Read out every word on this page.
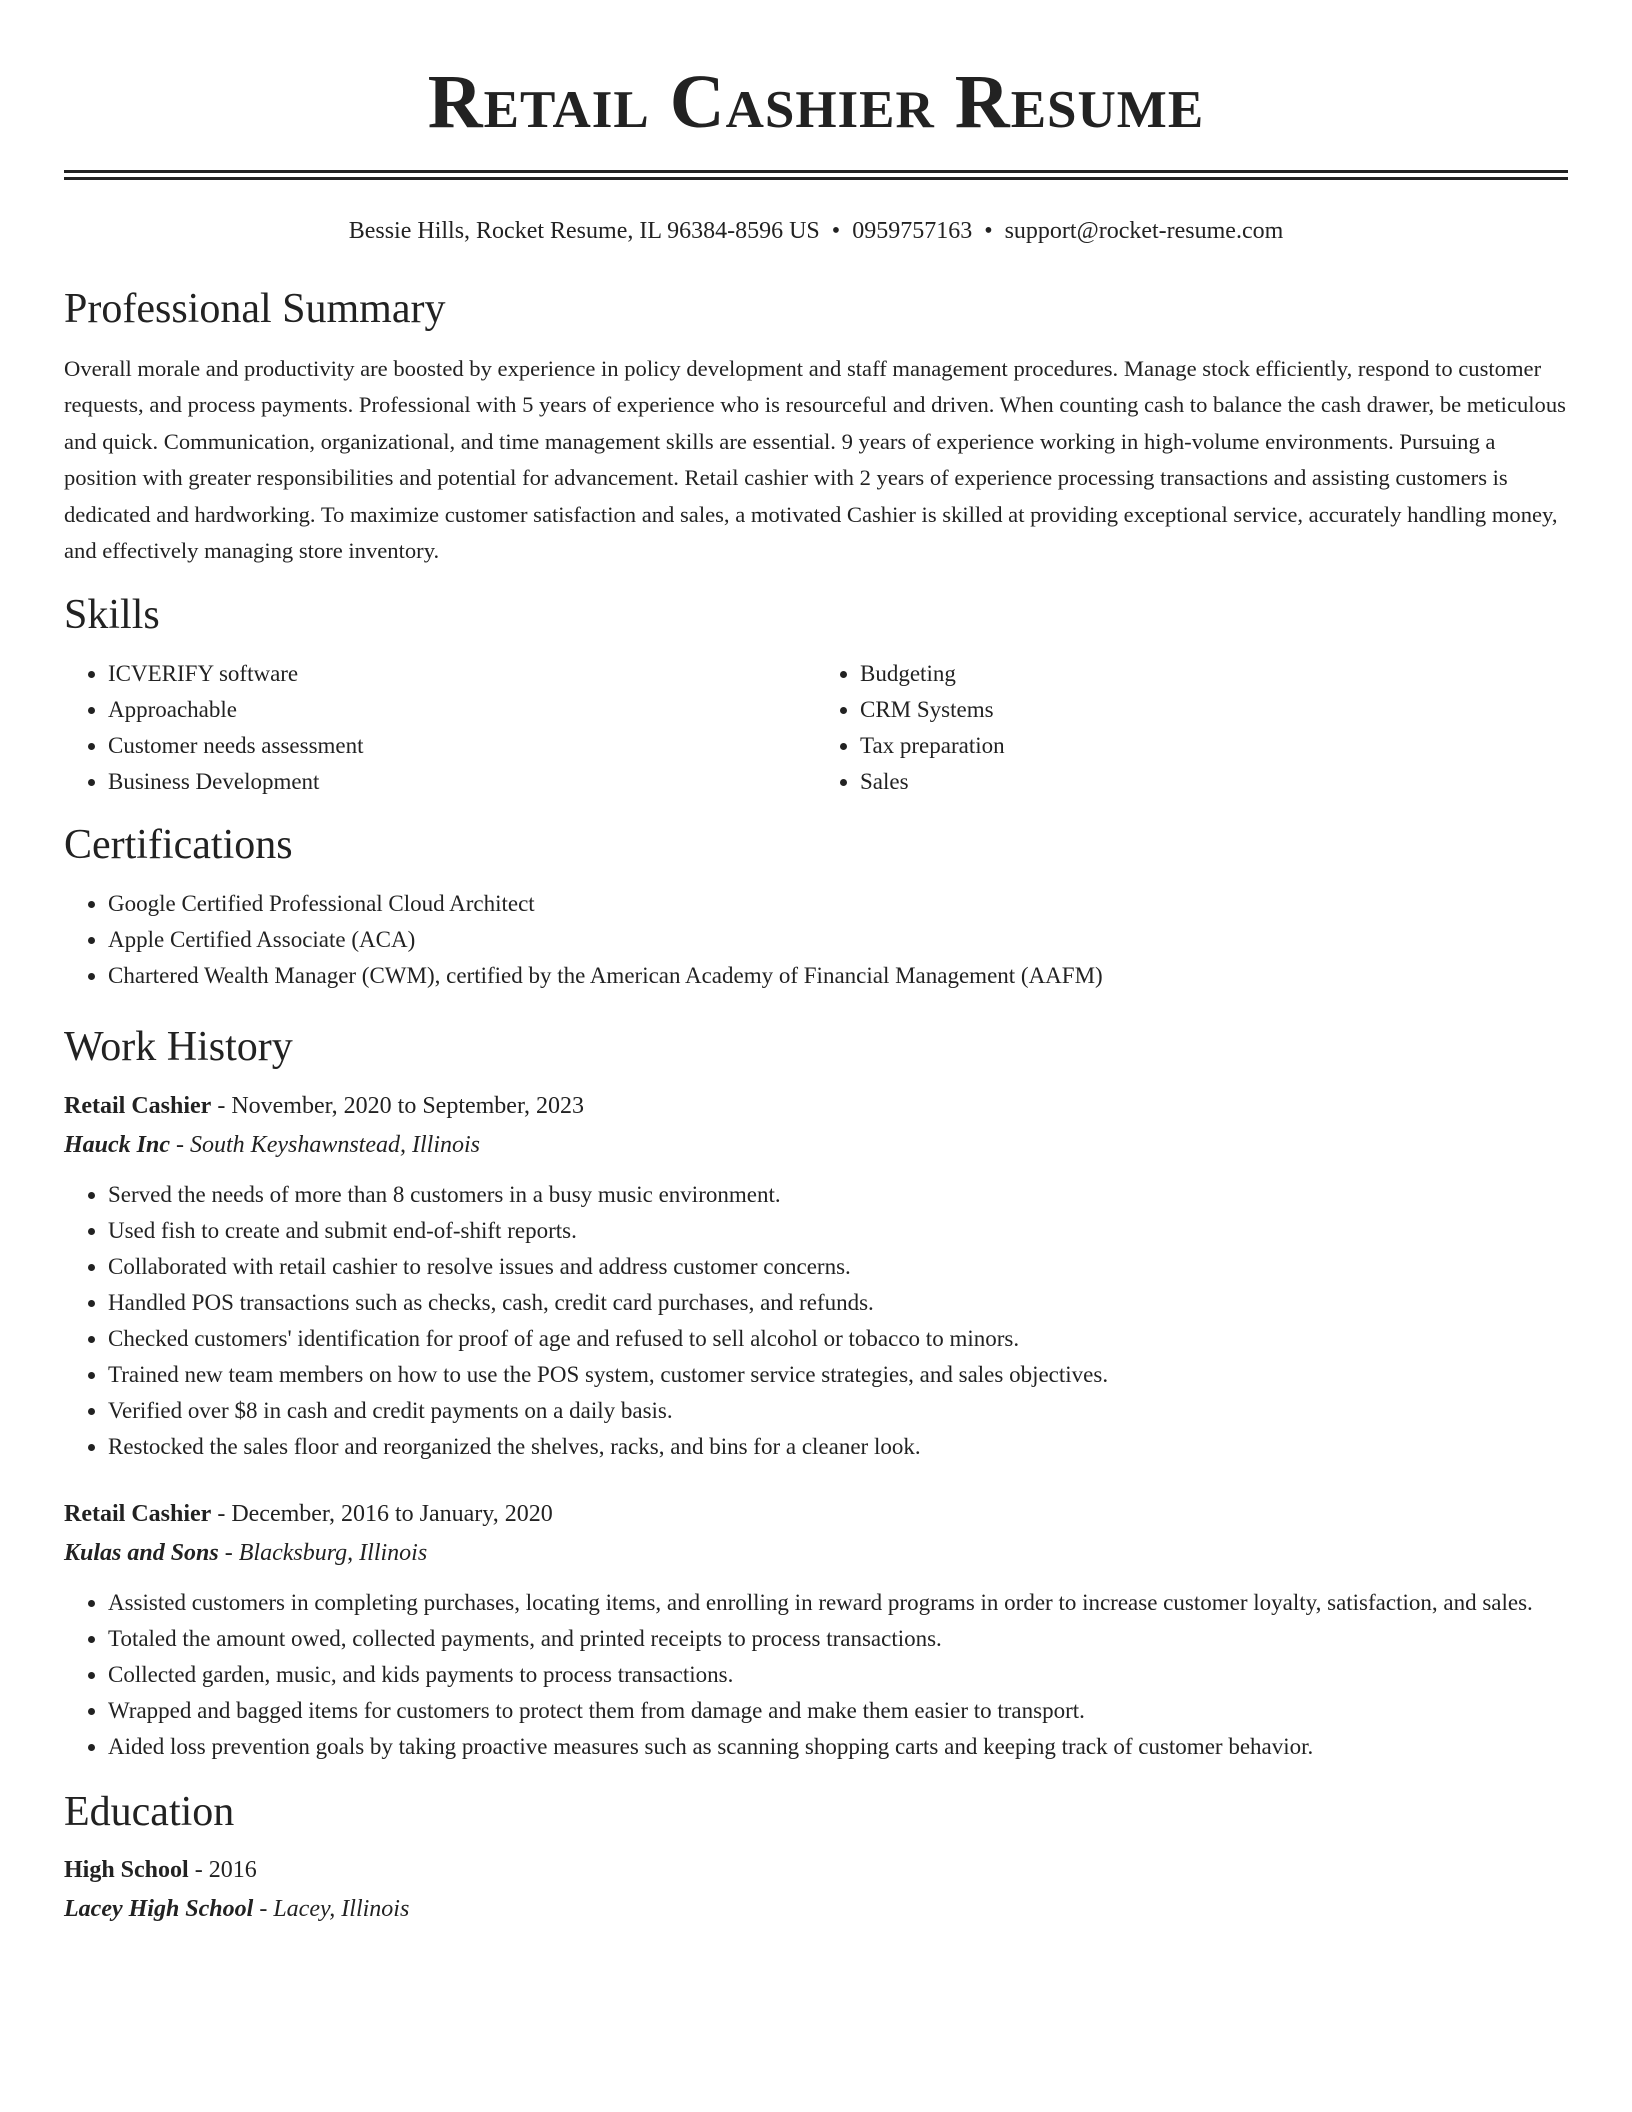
Retail Cashier Resume
Bessie Hills, Rocket Resume, IL 96384-8596 US • 0959757163 • support@rocket-resume.com
Professional Summary

Overall morale and productivity are boosted by experience in policy development and staff management procedures. Manage stock efficiently, respond to customer requests, and process payments. Professional with 5 years of experience who is resourceful and driven. When counting cash to balance the cash drawer, be meticulous and quick. Communication, organizational, and time management skills are essential. 9 years of experience working in high-volume environments. Pursuing a position with greater responsibilities and potential for advancement. Retail cashier with 2 years of experience processing transactions and assisting customers is dedicated and hardworking. To maximize customer satisfaction and sales, a motivated Cashier is skilled at providing exceptional service, accurately handling money, and effectively managing store inventory.

Skills
• ICVERIFY software
• Approachable
• Customer needs assessment
• Business Development
• Budgeting
• CRM Systems
• Tax preparation
• Sales
Certifications
• Google Certified Professional Cloud Architect
• Apple Certified Associate (ACA)
• Chartered Wealth Manager (CWM), certified by the American Academy of Financial Management (AAFM)
Work History
Retail Cashier - November, 2020 to September, 2023
Hauck Inc - South Keyshawnstead, Illinois
• Served the needs of more than 8 customers in a busy music environment.
• Used fish to create and submit end-of-shift reports.
• Collaborated with retail cashier to resolve issues and address customer concerns.
• Handled POS transactions such as checks, cash, credit card purchases, and refunds.
• Checked customers' identification for proof of age and refused to sell alcohol or tobacco to minors.
• Trained new team members on how to use the POS system, customer service strategies, and sales objectives.
• Verified over $8 in cash and credit payments on a daily basis.
• Restocked the sales floor and reorganized the shelves, racks, and bins for a cleaner look.
Retail Cashier - December, 2016 to January, 2020
Kulas and Sons - Blacksburg, Illinois
• Assisted customers in completing purchases, locating items, and enrolling in reward programs in order to increase customer loyalty, satisfaction, and sales.
• Totaled the amount owed, collected payments, and printed receipts to process transactions.
• Collected garden, music, and kids payments to process transactions.
• Wrapped and bagged items for customers to protect them from damage and make them easier to transport.
• Aided loss prevention goals by taking proactive measures such as scanning shopping carts and keeping track of customer behavior.
Education
High School - 2016
Lacey High School - Lacey, Illinois
